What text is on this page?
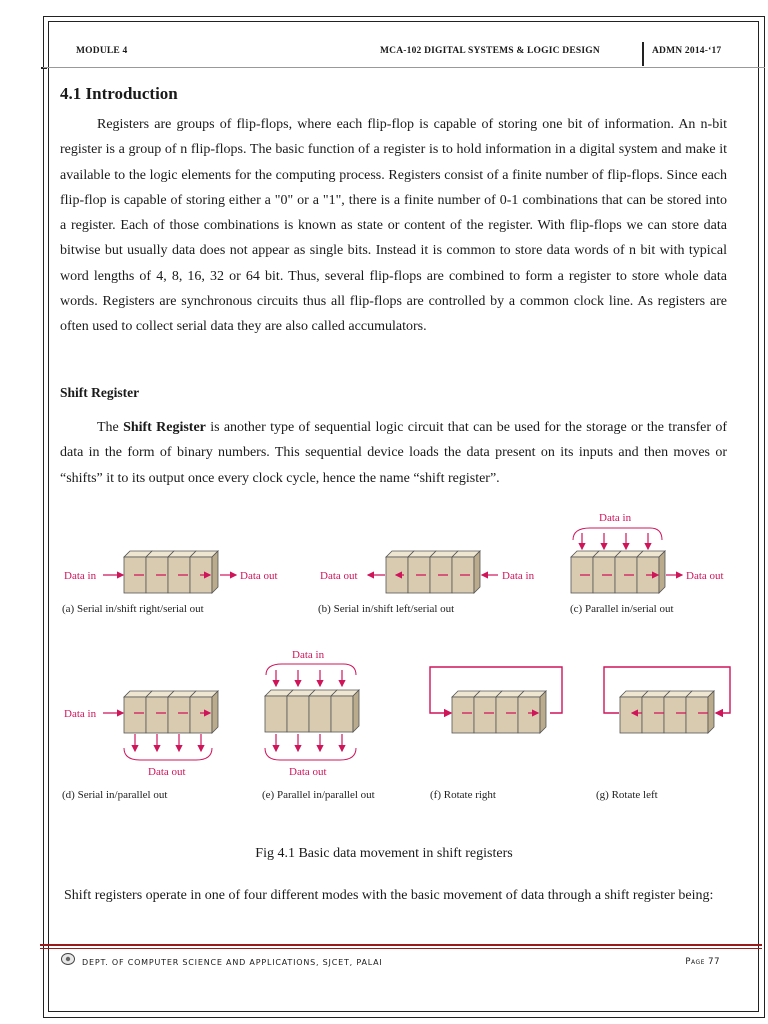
MODULE 4	MCA-102 DIGITAL SYSTEMS & LOGIC DESIGN	ADMN 2014-‘17
4.1 Introduction

Registers are groups of flip-flops, where each flip-flop is capable of storing one bit of information. An n-bit register is a group of n flip-flops. The basic function of a register is to hold information in a digital system and make it available to the logic elements for the computing process. Registers consist of a finite number of flip-flops. Since each flip-flop is capable of storing either a "0" or a "1", there is a finite number of 0-1 combinations that can be stored into a register. Each of those combinations is known as state or content of the register. With flip-flops we can store data bitwise but usually data does not appear as single bits. Instead it is common to store data words of n bit with typical word lengths of 4, 8, 16, 32 or 64 bit. Thus, several flip-flops are combined to form a register to store whole data words. Registers are synchronous circuits thus all flip-flops are controlled by a common clock line. As registers are often used to collect serial data they are also called accumulators.

Shift Register

The Shift Register is another type of sequential logic circuit that can be used for the storage or the transfer of data in the form of binary numbers. This sequential device loads the data present on its inputs and then moves or “shifts” it to its output once every clock cycle, hence the name “shift register”.

Data in	Data out
(a) Serial in/shift right/serial out
Data out	Data in
(b) Serial in/shift left/serial out
Data in
Data out
(c) Parallel in/serial out
Data in
Data out
(d) Serial in/parallel out
Data in
Data out
(e) Parallel in/parallel out	(f) Rotate right	(g) Rotate left
Fig 4.1 Basic data movement in shift registers

Shift registers operate in one of four different modes with the basic movement of data through a shift register being:

DEPT. OF COMPUTER SCIENCE AND APPLICATIONS, SJCET, PALAI	Page 77
